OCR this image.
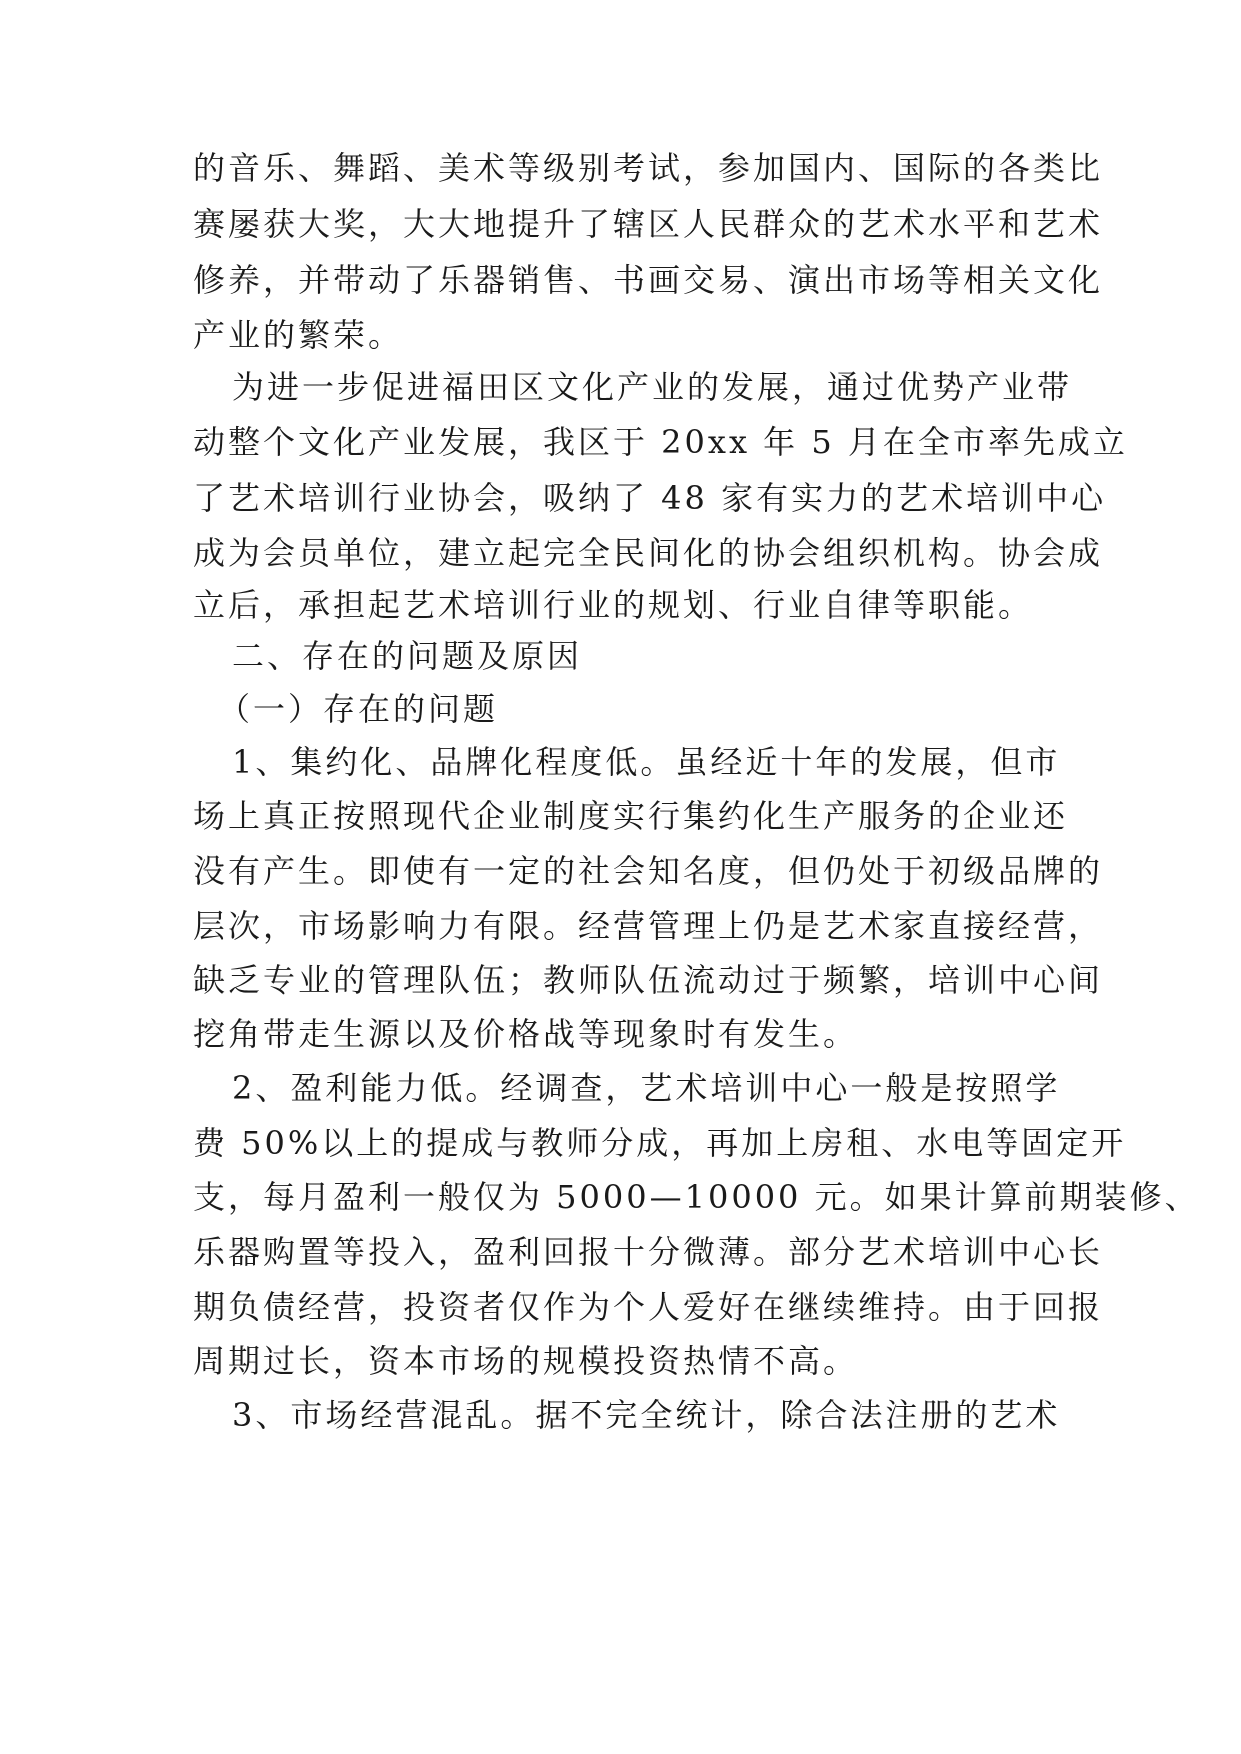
的音乐、舞蹈、美术等级别考试，参加国内、国际的各类比
赛屡获大奖，大大地提升了辖区人民群众的艺术水平和艺术
修养，并带动了乐器销售、书画交易、演出市场等相关文化
产业的繁荣。
为进一步促进福田区文化产业的发展，通过优势产业带
动整个文化产业发展，我区于 20xx 年 5 月在全市率先成立
了艺术培训行业协会，吸纳了 48 家有实力的艺术培训中心
成为会员单位，建立起完全民间化的协会组织机构。协会成
立后，承担起艺术培训行业的规划、行业自律等职能。
二、存在的问题及原因
（一）存在的问题
1、集约化、品牌化程度低。虽经近十年的发展，但市
场上真正按照现代企业制度实行集约化生产服务的企业还
没有产生。即使有一定的社会知名度，但仍处于初级品牌的
层次，市场影响力有限。经营管理上仍是艺术家直接经营，
缺乏专业的管理队伍；教师队伍流动过于频繁，培训中心间
挖角带走生源以及价格战等现象时有发生。
2、盈利能力低。经调查，艺术培训中心一般是按照学
费 50%以上的提成与教师分成，再加上房租、水电等固定开
支，每月盈利一般仅为 5000—10000 元。如果计算前期装修、
乐器购置等投入，盈利回报十分微薄。部分艺术培训中心长
期负债经营，投资者仅作为个人爱好在继续维持。由于回报
周期过长，资本市场的规模投资热情不高。
3、市场经营混乱。据不完全统计，除合法注册的艺术
